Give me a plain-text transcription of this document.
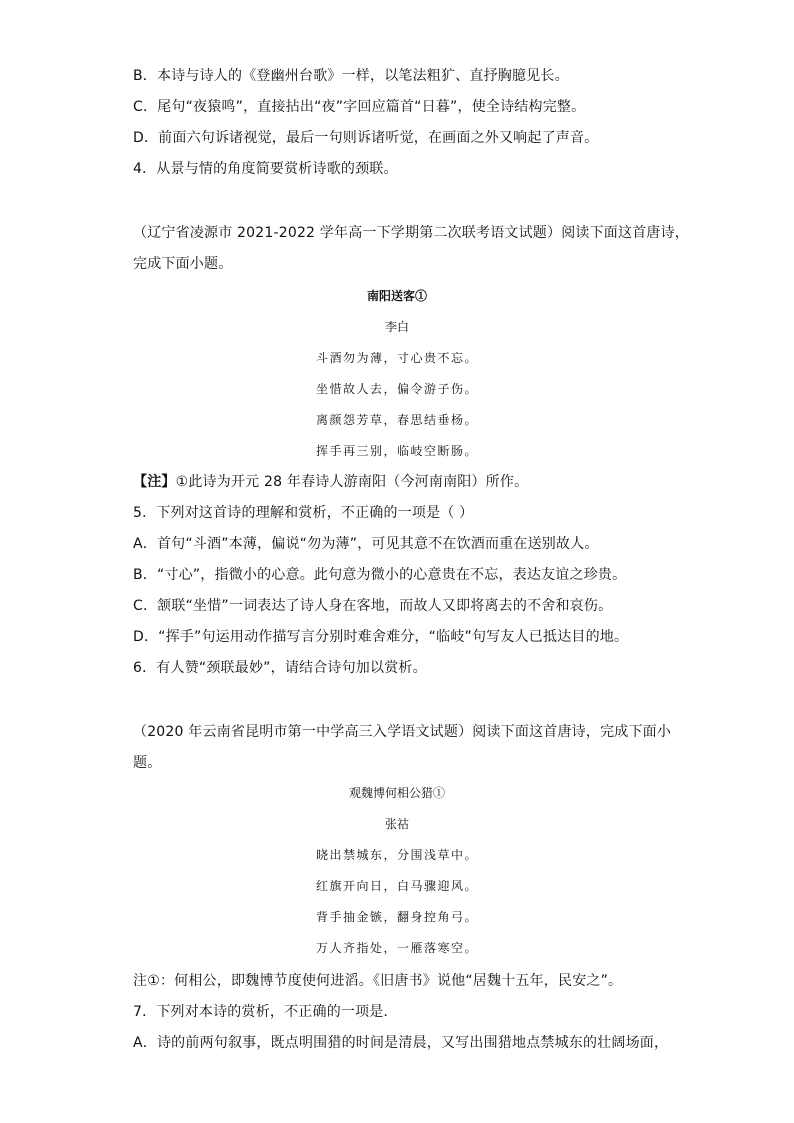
B．本诗与诗人的《登幽州台歌》一样，以笔法粗犷、直抒胸臆见长。
C．尾句“夜猿鸣”，直接拈出“夜”字回应篇首“日暮”，使全诗结构完整。
D．前面六句诉诸视觉，最后一句则诉诸听觉，在画面之外又响起了声音。
4．从景与情的角度简要赏析诗歌的颈联。
（辽宁省凌源市 2021-2022 学年高一下学期第二次联考语文试题）阅读下面这首唐诗，
完成下面小题。
南阳送客①
李白
斗酒勿为薄，寸心贵不忘。
坐惜故人去，偏令游子伤。
离颜怨芳草，春思结垂杨。
挥手再三别，临岐空断肠。
【注】①此诗为开元 28 年春诗人游南阳（今河南南阳）所作。
5．下列对这首诗的理解和赏析，不正确的一项是（ ）
A．首句“斗酒”本薄，偏说“勿为薄”，可见其意不在饮酒而重在送别故人。
B．“寸心”，指微小的心意。此句意为微小的心意贵在不忘，表达友谊之珍贵。
C．颔联“坐惜”一词表达了诗人身在客地，而故人又即将离去的不舍和哀伤。
D．“挥手”句运用动作描写言分别时难舍难分，“临岐”句写友人已抵达目的地。
6．有人赞“颈联最妙”，请结合诗句加以赏析。
（2020 年云南省昆明市第一中学高三入学语文试题）阅读下面这首唐诗，完成下面小
题。
观魏博何相公猎①
张祜
晓出禁城东，分围浅草中。
红旗开向日，白马骤迎风。
背手抽金镞，翻身控角弓。
万人齐指处，一雁落寒空。
注①：何相公，即魏博节度使何进滔。《旧唐书》说他“居魏十五年，民安之”。
7．下列对本诗的赏析，不正确的一项是．
A．诗的前两句叙事，既点明围猎的时间是清晨，又写出围猎地点禁城东的壮阔场面，
